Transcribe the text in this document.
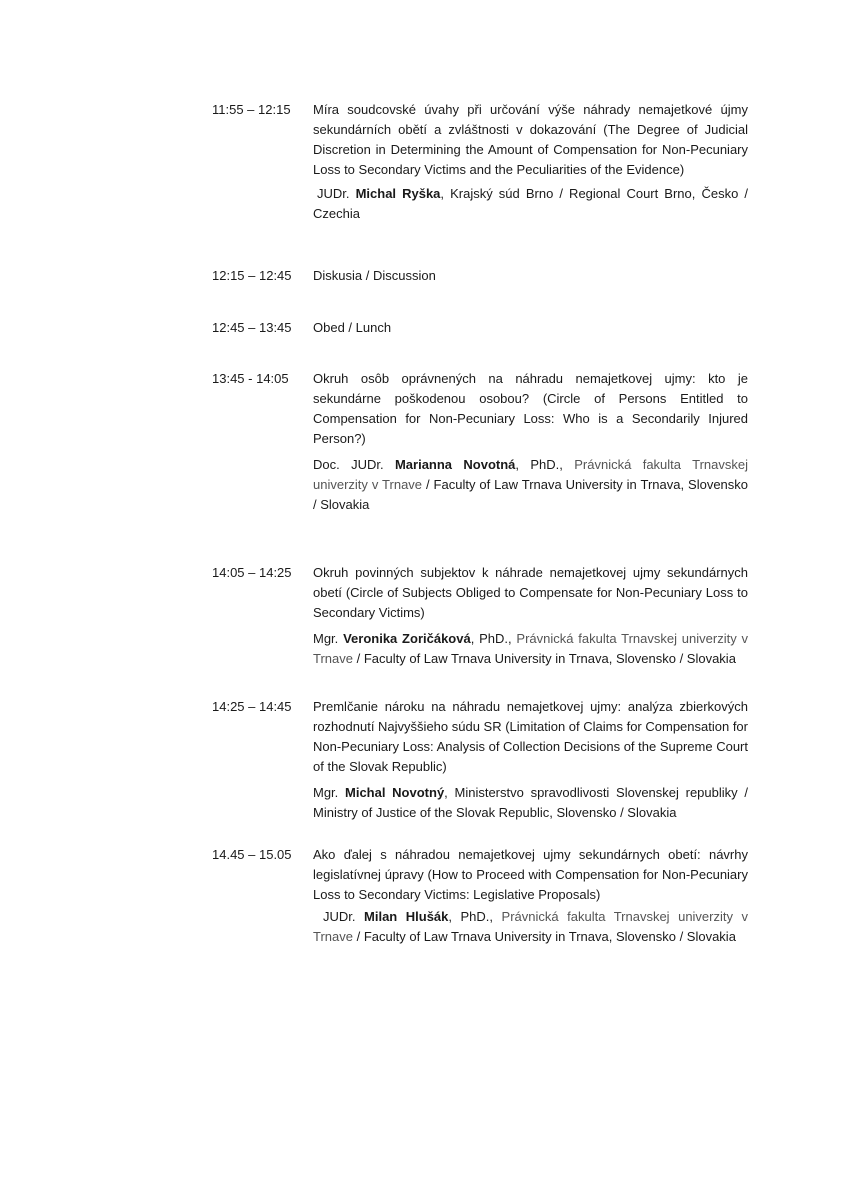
11:55 – 12:15	Míra soudcovské úvahy při určování výše náhrady nemajetkové újmy sekundárních obětí a zvláštnosti v dokazování (The Degree of Judicial Discretion in Determining the Amount of Compensation for Non-Pecuniary Loss to Secondary Victims and the Peculiarities of the Evidence)

JUDr. Michal Ryška, Krajský súd Brno / Regional Court Brno, Česko / Czechia

12:15 – 12:45	Diskusia / Discussion

12:45 – 13:45	Obed / Lunch

13:45 - 14:05	Okruh osôb oprávnených na náhradu nemajetkovej ujmy: kto je sekundárne poškodenou osobou? (Circle of Persons Entitled to Compensation for Non-Pecuniary Loss: Who is a Secondarily Injured Person?)

Doc. JUDr. Marianna Novotná, PhD., Právnická fakulta Trnavskej univerzity v Trnave / Faculty of Law Trnava University in Trnava, Slovensko / Slovakia

14:05 – 14:25	Okruh povinných subjektov k náhrade nemajetkovej ujmy sekundárnych obetí (Circle of Subjects Obliged to Compensate for Non-Pecuniary Loss to Secondary Victims)

Mgr. Veronika Zoričáková, PhD., Právnická fakulta Trnavskej univerzity v Trnave / Faculty of Law Trnava University in Trnava, Slovensko / Slovakia

14:25 – 14:45	Premlčanie nároku na náhradu nemajetkovej ujmy: analýza zbierkových rozhodnutí Najvyššieho súdu SR (Limitation of Claims for Compensation for Non-Pecuniary Loss: Analysis of Collection Decisions of the Supreme Court of the Slovak Republic)

Mgr. Michal Novotný, Ministerstvo spravodlivosti Slovenskej republiky / Ministry of Justice of the Slovak Republic, Slovensko / Slovakia

14.45 – 15.05	Ako ďalej s náhradou nemajetkovej ujmy sekundárnych obetí: návrhy legislatívnej úpravy (How to Proceed with Compensation for Non-Pecuniary Loss to Secondary Victims: Legislative Proposals)

JUDr. Milan Hlušák, PhD., Právnická fakulta Trnavskej univerzity v Trnave / Faculty of Law Trnava University in Trnava, Slovensko / Slovakia
